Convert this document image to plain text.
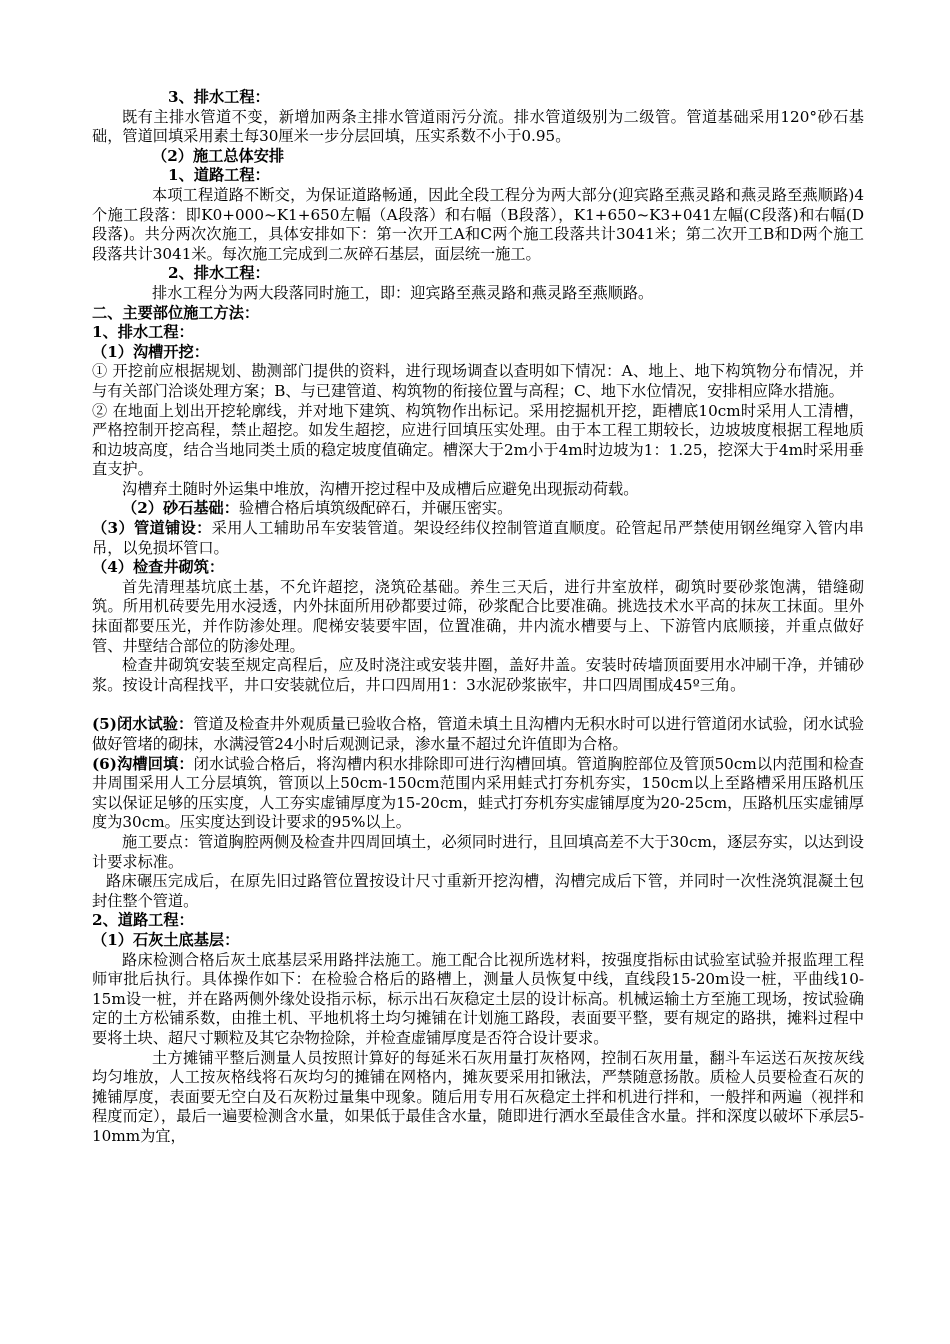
3、排水工程：

既有主排水管道不变，新增加两条主排水管道雨污分流。排水管道级别为二级管。管道基础采用120°砂石基础，管道回填采用素土每30厘米一步分层回填，压实系数不小于0.95。

（2）施工总体安排

1、道路工程：

本项工程道路不断交，为保证道路畅通，因此全段工程分为两大部分(迎宾路至燕灵路和燕灵路至燕顺路)4个施工段落：即K0+000~K1+650左幅（A段落）和右幅（B段落），K1+650~K3+041左幅(C段落)和右幅(D段落)。共分两次次施工，具体安排如下：第一次开工A和C两个施工段落共计3041米；第二次开工B和D两个施工段落共计3041米。每次施工完成到二灰碎石基层，面层统一施工。

2、排水工程：

排水工程分为两大段落同时施工，即：迎宾路至燕灵路和燕灵路至燕顺路。

二、主要部位施工方法：

1、排水工程：

（1）沟槽开挖：

① 开挖前应根据规划、勘测部门提供的资料，进行现场调查以查明如下情况：A、地上、地下构筑物分布情况，并与有关部门洽谈处理方案；B、与已建管道、构筑物的衔接位置与高程；C、地下水位情况，安排相应降水措施。

② 在地面上划出开挖轮廓线，并对地下建筑、构筑物作出标记。采用挖掘机开挖，距槽底10cm时采用人工清槽，严格控制开挖高程，禁止超挖。如发生超挖，应进行回填压实处理。由于本工程工期较长，边坡坡度根据工程地质和边坡高度，结合当地同类土质的稳定坡度值确定。槽深大于2m小于4m时边坡为1：1.25，挖深大于4m时采用垂直支护。

沟槽弃土随时外运集中堆放，沟槽开挖过程中及成槽后应避免出现振动荷载。

（2）砂石基础：验槽合格后填筑级配碎石，并碾压密实。

（3）管道铺设：采用人工辅助吊车安装管道。架设经纬仪控制管道直顺度。砼管起吊严禁使用钢丝绳穿入管内串吊，以免损坏管口。

（4）检查井砌筑：

首先清理基坑底土基，不允许超挖，浇筑砼基础。养生三天后，进行井室放样，砌筑时要砂浆饱满，错缝砌筑。所用机砖要先用水浸透，内外抹面所用砂都要过筛，砂浆配合比要准确。挑选技术水平高的抹灰工抹面。里外抹面都要压光，并作防渗处理。爬梯安装要牢固，位置准确，井内流水槽要与上、下游管内底顺接，并重点做好管、井壁结合部位的防渗处理。

检查井砌筑安装至规定高程后，应及时浇注或安装井圈，盖好井盖。安装时砖墙顶面要用水冲刷干净，并铺砂浆。按设计高程找平，井口安装就位后，井口四周用1：3水泥砂浆嵌牢，井口四周围成45º三角。

(5)闭水试验：管道及检查井外观质量已验收合格，管道未填土且沟槽内无积水时可以进行管道闭水试验，闭水试验做好管堵的砌抹，水满浸管24小时后观测记录，渗水量不超过允许值即为合格。

(6)沟槽回填：闭水试验合格后，将沟槽内积水排除即可进行沟槽回填。管道胸腔部位及管顶50cm以内范围和检查井周围采用人工分层填筑，管顶以上50cm-150cm范围内采用蛙式打夯机夯实，150cm以上至路槽采用压路机压实以保证足够的压实度，人工夯实虚铺厚度为15-20cm，蛙式打夯机夯实虚铺厚度为20-25cm，压路机压实虚铺厚度为30cm。压实度达到设计要求的95%以上。

施工要点：管道胸腔两侧及检查井四周回填土，必须同时进行，且回填高差不大于30cm，逐层夯实，以达到设计要求标准。

路床碾压完成后，在原先旧过路管位置按设计尺寸重新开挖沟槽，沟槽完成后下管，并同时一次性浇筑混凝土包封住整个管道。

2、道路工程：

（1）石灰土底基层：

路床检测合格后灰土底基层采用路拌法施工。施工配合比视所选材料，按强度指标由试验室试验并报监理工程师审批后执行。具体操作如下：在检验合格后的路槽上，测量人员恢复中线，直线段15-20m设一桩，平曲线10-15m设一桩，并在路两侧外缘处设指示标，标示出石灰稳定土层的设计标高。机械运输土方至施工现场，按试验确定的土方松铺系数，由推土机、平地机将土均匀摊铺在计划施工路段，表面要平整，要有规定的路拱，摊料过程中要将土块、超尺寸颗粒及其它杂物捡除，并检查虚铺厚度是否符合设计要求。

土方摊铺平整后测量人员按照计算好的每延米石灰用量打灰格网，控制石灰用量，翻斗车运送石灰按灰线均匀堆放，人工按灰格线将石灰均匀的摊铺在网格内，摊灰要采用扣锹法，严禁随意扬散。质检人员要检查石灰的摊铺厚度，表面要无空白及石灰粉过量集中现象。随后用专用石灰稳定土拌和机进行拌和，一般拌和两遍（视拌和程度而定），最后一遍要检测含水量，如果低于最佳含水量，随即进行洒水至最佳含水量。拌和深度以破坏下承层5-10mm为宜，
